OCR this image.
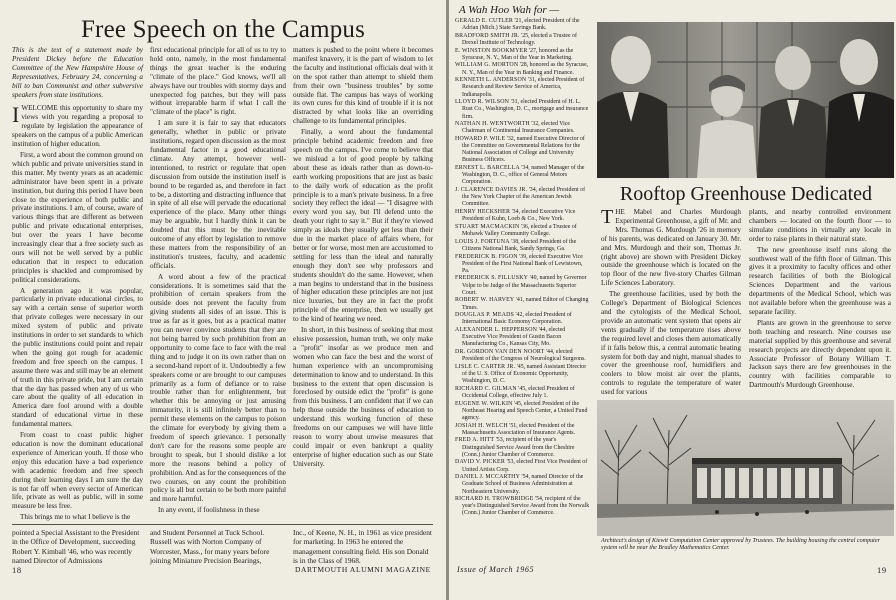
Free Speech on the Campus

This is the text of a statement made by President Dickey before the Education Committee of the New Hampshire House of Representatives, February 24, concerning a bill to ban Communist and other subversive speakers from state institutions.

I WELCOME this opportunity to share my views with you regarding a proposal to regulate by legislation the appearance of speakers on the campus of a public American institution of higher education.

First, a word about the common ground on which public and private universities stand in this matter. My twenty years as an academic administrator have been spent in a private institution, but during this period I have been close to the experience of both public and private institutions. I am, of course, aware of various things that are different as between public and private educational enterprises, but over the years I have become increasingly clear that a free society such as ours will not be well served by a public education that in respect to education principles is shackled and compromised by political considerations.

A generation ago it was popular, particularly in private educational circles, to say with a certain sense of superior worth that private colleges were necessary in our mixed system of public and private institutions in order to set standards to which the public institutions could point and repair when the going got rough for academic freedom and free speech on the campus. I assume there was and still may be an element of truth in this private pride, but I am certain that the day has passed when any of us who care about the quality of all education in America dare fool around with a double standard of educational virtue in these fundamental matters.

From coast to coast public higher education is now the dominant educational experience of American youth. If those who enjoy this education have a bad experience with academic freedom and free speech during their learning days I am sure the day is not far off when every sector of American life, private as well as public, will in some measure be less free.

This brings me to what I believe is the

first educational principle for all of us to try to hold onto, namely, in the most fundamental things the great teacher is the enduring "climate of the place." God knows, we'll all always have our troubles with stormy days and unexpected fog patches, but they will pass without irreparable harm if what I call the "climate of the place" is right.

I am sure it is fair to say that educators generally, whether in public or private institutions, regard open discussion as the most fundamental factor in a good educational climate. Any attempt, however well-intentioned, to restrict or regulate that open discussion from outside the institution itself is bound to be regarded as, and therefore in fact to be, a distorting and distracting influence that in spite of all else will pervade the educational experience of the place. Many other things may be arguable, but I hardly think it can be doubted that this must be the inevitable outcome of any effort by legislation to remove these matters from the responsibility of an institution's trustees, faculty, and academic officials.

A word about a few of the practical considerations. It is sometimes said that the prohibition of certain speakers from the outside does not prevent the faculty from giving students all sides of an issue. This is true as far as it goes, but as a practical matter you can never convince students that they are not being barred by such prohibition from an opportunity to come face to face with the real thing and to judge it on its own rather than on a second-hand report of it. Undoubtedly a few speakers come or are brought to our campuses primarily as a form of defiance or to raise trouble rather than for enlightenment, but whether this be annoying or just amusing immaturity, it is still infinitely better than to permit these elements on the campus to poison the climate for everybody by giving them a freedom of speech grievance. I personally don't care for the reasons some people are brought to speak, but I should dislike a lot more the reasons behind a policy of prohibition. And as for the consequences of the two courses, on any count the prohibition policy is all but certain to be both more painful and more harmful.

In any event, if foolishness in these

matters is pushed to the point where it becomes manifest knavery, it is the part of wisdom to let the faculty and institutional officials deal with it on the spot rather than attempt to shield them from their own "business troubles" by some outside flat. The campus has ways of working its own cures for this kind of trouble if it is not distracted by what looks like an overriding challenge to its fundamental principles.

Finally, a word about the fundamental principle behind academic freedom and free speech on the campus. I've come to believe that we mislead a lot of good people by talking about these as ideals rather than as down-to-earth working propositions that are just as basic to the daily work of education as the profit principle is to a man's private business. In a free society they reflect the ideal — "I disagree with every word you say, but I'll defend unto the death your right to say it." But if they're viewed simply as ideals they usually get less than their due in the market place of affairs where, for better or for worse, most men are accustomed to settling for less than the ideal and naturally enough they don't see why professors and students shouldn't do the same. However, when a man begins to understand that in the business of higher education these principles are not just nice luxuries, but they are in fact the profit principle of the enterprise, then we usually get to the kind of hearing we need.

In short, in this business of seeking that most elusive possession, human truth, we only make a "profit" insofar as we produce men and women who can face the best and the worst of human experience with an uncompromising determination to know and to understand. In this business to the extent that open discussion is foreclosed by outside edict the "profit" is gone from this business. I am confident that if we can help those outside the business of education to understand this working function of these freedoms on our campuses we will have little reason to worry about unwise measures that could impair or even bankrupt a quality enterprise of higher education such as our State University.

pointed a Special Assistant to the President in the Office of Development, succeeding Robert Y. Kimball '46, who was recently named Director of Admissions
and Student Personnel at Tuck School. Russell was with Norton Company of Worcester, Mass., for many years before joining Miniature Precision Bearings,
Inc., of Keene, N. H., in 1961 as vice president for marketing. In 1963 he entered the management consulting field. His son Donald is in the Class of 1968.
18	DARTMOUTH ALUMNI MAGAZINE
A Wah Hoo Wah for —
GERALD E. CUTLER '21, elected President of the Adrian (Mich.) State Savings Bank.
BRADFORD SMITH JR. '25, elected a Trustee of Drexel Institute of Technology.
E. WINSTON BOOKMYER '27, honored as the Syracuse, N. Y., Man of the Year in Marketing.
WILLIAM G. MORTON '28, honored as the Syracuse, N. Y., Man of the Year in Banking and Finance.
KENNETH L. ANDERSON '31, elected President of Research and Review Service of America, Indianapolis.
LLOYD R. WILSON '31, elected President of H. L. Rust Co., Washington, D. C., mortgage and insurance firm.
NATHAN H. WENTWORTH '32, elected Vice Chairman of Continental Insurance Companies.
HOWARD P. WILE '32, named Executive Director of the Committee on Governmental Relations for the National Association of College and University Business Officers.
ERNEST L. BARCELLA '34, named Manager of the Washington, D. C., office of General Motors Corporation.
J. CLARENCE DAVIES JR. '34, elected President of the New York Chapter of the American Jewish Committee.
HENRY HECKSHER '34, elected Executive Vice President of Kuhn, Loeb & Co., New York.
STUART MACMACKIN '36, elected a Trustee of Mohawk Valley Community College.
LOUIS J. FORTUNA '38, elected President of the Citizens National Bank, Sandy Springs, Ga.
FREDERICK B. FIGON '39, elected Executive Vice President of the First National Bank of Lewistown, Pa.
FREDERICK S. FILLUSKY '40, named by Governor Volpe to be Judge of the Massachusetts Superior Court.
ROBERT W. HARVEY '41, named Editor of Changing Times.
DOUGLAS P. MEADS '42, elected President of International Basic Economy Corporation.
ALEXANDER L. HEPPERSON '44, elected Executive Vice President of Gustin Bacon Manufacturing Co., Kansas City, Mo.
DR. GORDON VAN DEN NOORT '44, elected President of the Congress of Neurological Surgeons.
LISLE C. CARTER JR. '45, named Assistant Director of the U. S. Office of Economic Opportunity, Washington, D. C.
RICHARD C. GILMAN '45, elected President of Occidental College, effective July 1.
EUGENE W. WILKIN '45, elected President of the Northeast Hearing and Speech Center, a United Fund agency.
JOSIAH H. WELCH '51, elected President of the Massachusetts Association of Insurance Agents.
FRED A. HITT '53, recipient of the year's Distinguished Service Award from the Cheshire (Conn.) Junior Chamber of Commerce.
DAVID V. PICKER '53, elected First Vice President of United Artists Corp.
DANIEL J. MCCARTHY '54, named Director of the Graduate School of Business Administration at Northeastern University.
RICHARD H. TROWBRIDGE '54, recipient of the year's Distinguished Service Award from the Norwalk (Conn.) Junior Chamber of Commerce.
Rooftop Greenhouse Dedicated

THE Mabel and Charles Murdough Experimental Greenhouse, a gift of Mr. and Mrs. Thomas G. Murdough '26 in memory of his parents, was dedicated on January 30. Mr. and Mrs. Murdough and their son, Thomas Jr. (right above) are shown with President Dickey outside the greenhouse which is located on the top floor of the new five-story Charles Gilman Life Sciences Laboratory.

The greenhouse facilities, used by both the College's Department of Biological Sciences and the cytologists of the Medical School, provide an automatic vent system that opens air vents gradually if the temperature rises above the required level and closes them automatically if it falls below this, a central automatic heating system for both day and night, manual shades to cover the greenhouse roof, humidifiers and coolers to blow moist air over the plants, controls to regulate the temperature of water used for various

plants, and nearby controlled environment chambers — located on the fourth floor — to simulate conditions in virtually any locale in order to raise plants in their natural state.

The new greenhouse itself runs along the southwest wall of the fifth floor of Gilman. This gives it a proximity to faculty offices and other research facilities of both the Biological Sciences Department and the various departments of the Medical School, which was not available before when the greenhouse was a separate facility.

Plants are grown in the greenhouse to serve both teaching and research. Nine courses use material supplied by this greenhouse and several research projects are directly dependent upon it. Associate Professor of Botany William T. Jackson says there are few greenhouses in the country with facilities comparable to Dartmouth's Murdough Greenhouse.

Architect's design of Kiewit Computation Center approved by Trustees. The building housing the central computer system will be near the Bradley Mathematics Center.
Issue of March 1965	19
